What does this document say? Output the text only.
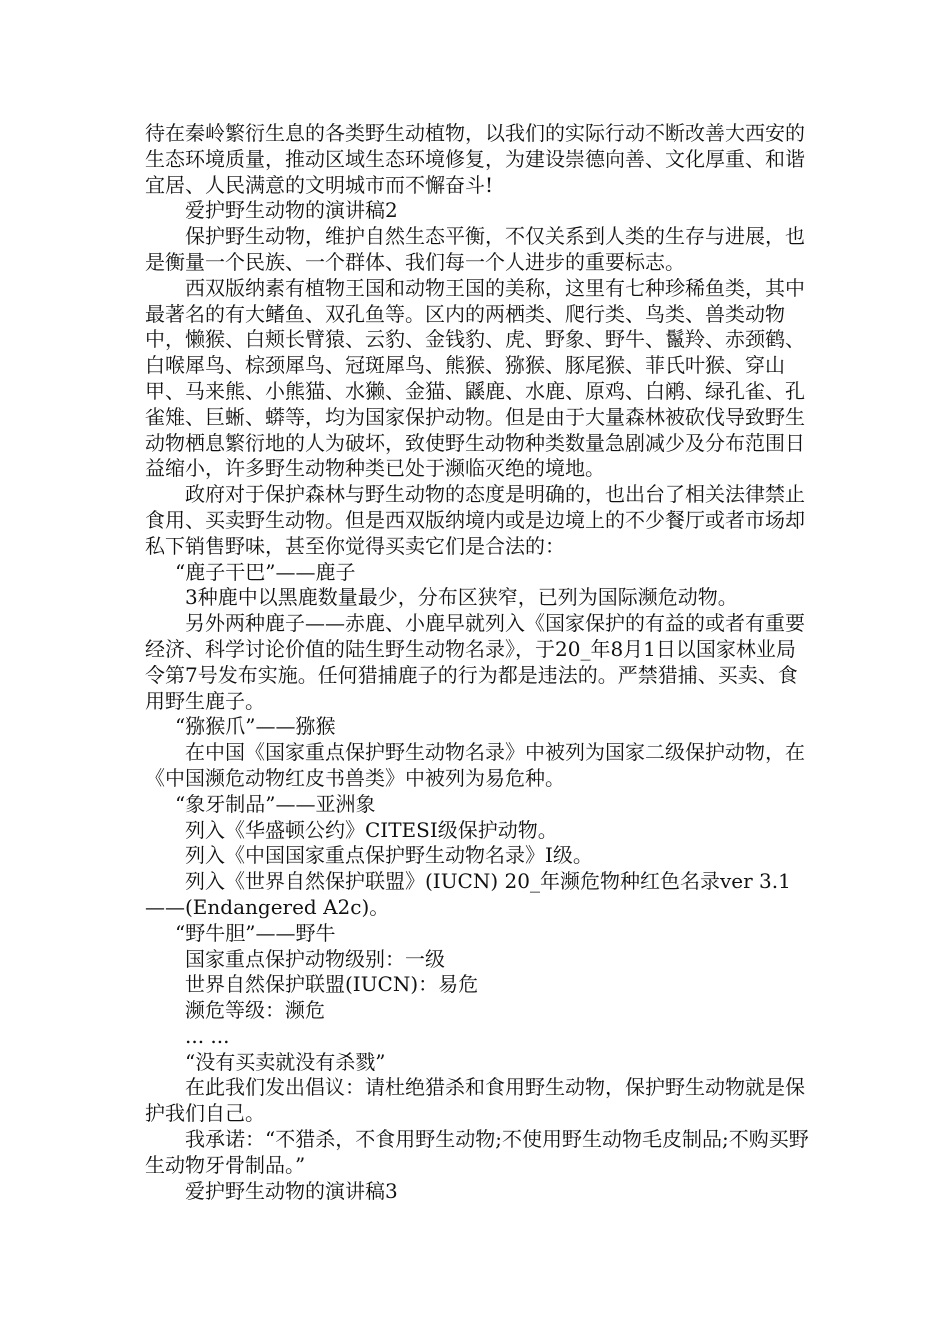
待在秦岭繁衍生息的各类野生动植物，以我们的实际行动不断改善大西安的生态环境质量，推动区域生态环境修复，为建设崇德向善、文化厚重、和谐宜居、人民满意的文明城市而不懈奋斗!

爱护野生动物的演讲稿2

保护野生动物，维护自然生态平衡，不仅关系到人类的生存与进展，也是衡量一个民族、一个群体、我们每一个人进步的重要标志。

西双版纳素有植物王国和动物王国的美称，这里有七种珍稀鱼类，其中最著名的有大鳍鱼、双孔鱼等。区内的两栖类、爬行类、鸟类、兽类动物中，懒猴、白颊长臂猿、云豹、金钱豹、虎、野象、野牛、鬣羚、赤颈鹤、白喉犀鸟、棕颈犀鸟、冠斑犀鸟、熊猴、猕猴、豚尾猴、菲氏叶猴、穿山甲、马来熊、小熊猫、水獭、金猫、鼷鹿、水鹿、原鸡、白鹇、绿孔雀、孔雀雉、巨蜥、蟒等，均为国家保护动物。但是由于大量森林被砍伐导致野生动物栖息繁衍地的人为破坏，致使野生动物种类数量急剧减少及分布范围日益缩小，许多野生动物种类已处于濒临灭绝的境地。

政府对于保护森林与野生动物的态度是明确的，也出台了相关法律禁止食用、买卖野生动物。但是西双版纳境内或是边境上的不少餐厅或者市场却私下销售野味，甚至你觉得买卖它们是合法的：

“鹿子干巴”——鹿子

3种鹿中以黑鹿数量最少，分布区狭窄，已列为国际濒危动物。

另外两种鹿子——赤鹿、小鹿早就列入《国家保护的有益的或者有重要经济、科学讨论价值的陆生野生动物名录》，于20_年8月1日以国家林业局令第7号发布实施。任何猎捕鹿子的行为都是违法的。严禁猎捕、买卖、食用野生鹿子。

“猕猴爪”——猕猴

在中国《国家重点保护野生动物名录》中被列为国家二级保护动物，在《中国濒危动物红皮书兽类》中被列为易危种。

“象牙制品”——亚洲象

列入《华盛顿公约》CITESⅠ级保护动物。

列入《中国国家重点保护野生动物名录》Ⅰ级。

列入《世界自然保护联盟》(IUCN) 20_年濒危物种红色名录ver 3.1——(Endangered A2c)。

“野牛胆”——野牛

国家重点保护动物级别：一级

世界自然保护联盟(IUCN)：易危

濒危等级：濒危

... ...

“没有买卖就没有杀戮”

在此我们发出倡议：请杜绝猎杀和食用野生动物，保护野生动物就是保护我们自己。

我承诺：“不猎杀，不食用野生动物;不使用野生动物毛皮制品;不购买野生动物牙骨制品。”

爱护野生动物的演讲稿3
